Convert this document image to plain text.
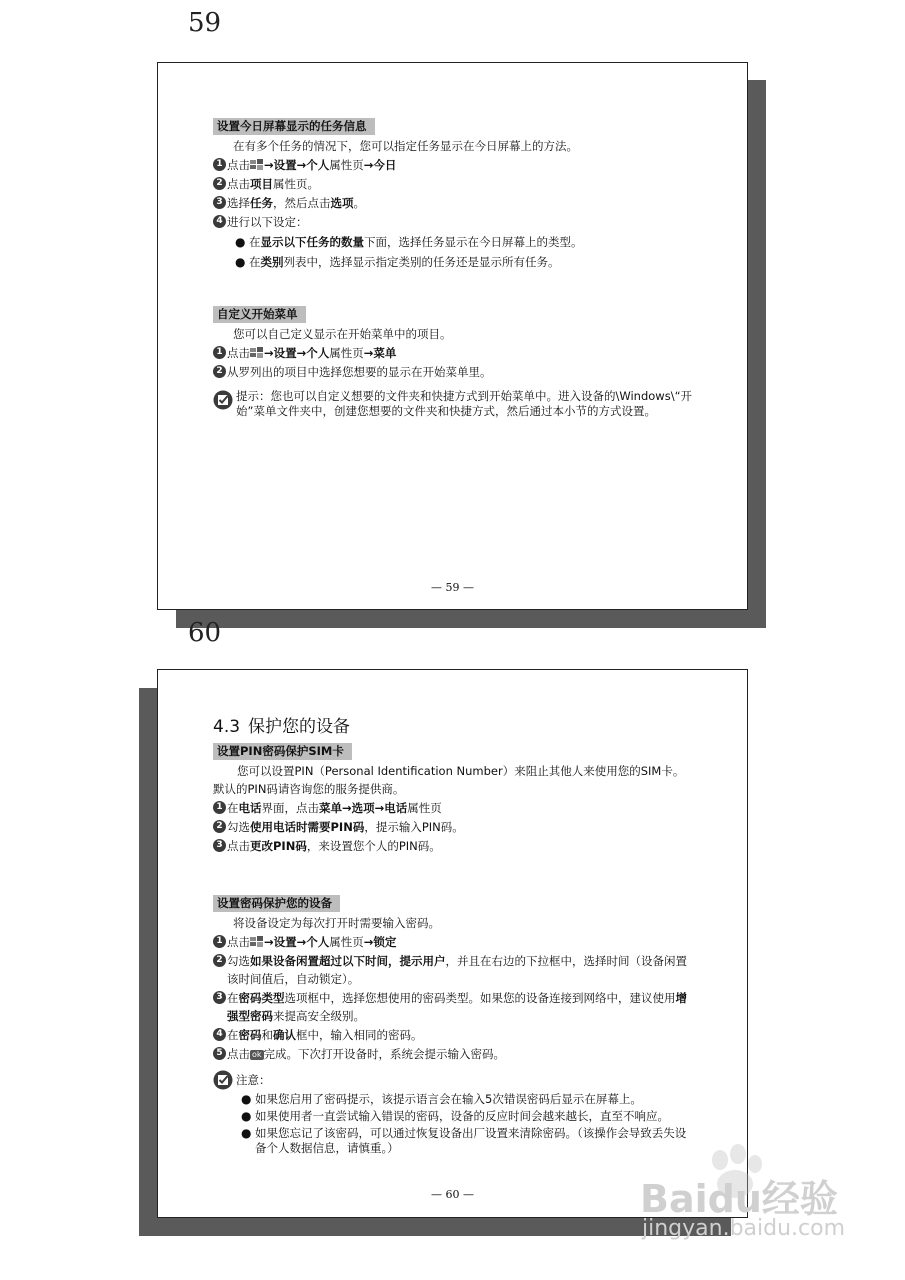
59

设置今日屏幕显示的任务信息
在有多个任务的情况下，您可以指定任务显示在今日屏幕上的方法。
1 点击 →设置→个人属性页→今日
2 点击项目属性页。
3 选择任务，然后点击选项。
4 进行以下设定：
● 在显示以下任务的数量下面，选择任务显示在今日屏幕上的类型。
● 在类别列表中，选择显示指定类别的任务还是显示所有任务。
自定义开始菜单
您可以自己定义显示在开始菜单中的项目。
1 点击 →设置→个人属性页→菜单
2 从罗列出的项目中选择您想要的显示在开始菜单里。
提示：您也可以自定义想要的文件夹和快捷方式到开始菜单中。进入设备的\Windows\“开始”菜单文件夹中，创建您想要的文件夹和快捷方式，然后通过本小节的方式设置。
— 59 —

60

4.3 保护您的设备
设置PIN密码保护SIM卡
您可以设置PIN（Personal Identification Number）来阻止其他人来使用您的SIM卡。默认的PIN码请咨询您的服务提供商。
1 在电话界面，点击菜单→选项→电话属性页
2 勾选使用电话时需要PIN码，提示输入PIN码。
3 点击更改PIN码，来设置您个人的PIN码。
设置密码保护您的设备
将设备设定为每次打开时需要输入密码。
1 点击 →设置→个人属性页→锁定
2 勾选如果设备闲置超过以下时间，提示用户，并且在右边的下拉框中，选择时间（设备闲置该时间值后，自动锁定）。
3 在密码类型选项框中，选择您想使用的密码类型。如果您的设备连接到网络中，建议使用增强型密码来提高安全级别。
4 在密码和确认框中，输入相同的密码。
5 点击 ok 完成。下次打开设备时，系统会提示输入密码。
注意：
● 如果您启用了密码提示，该提示语言会在输入5次错误密码后显示在屏幕上。
● 如果使用者一直尝试输入错误的密码，设备的反应时间会越来越长，直至不响应。
● 如果您忘记了该密码，可以通过恢复设备出厂设置来清除密码。（该操作会导致丢失设备个人数据信息，请慎重。）
— 60 —	Baidu经验
jingyan.baidu.com
